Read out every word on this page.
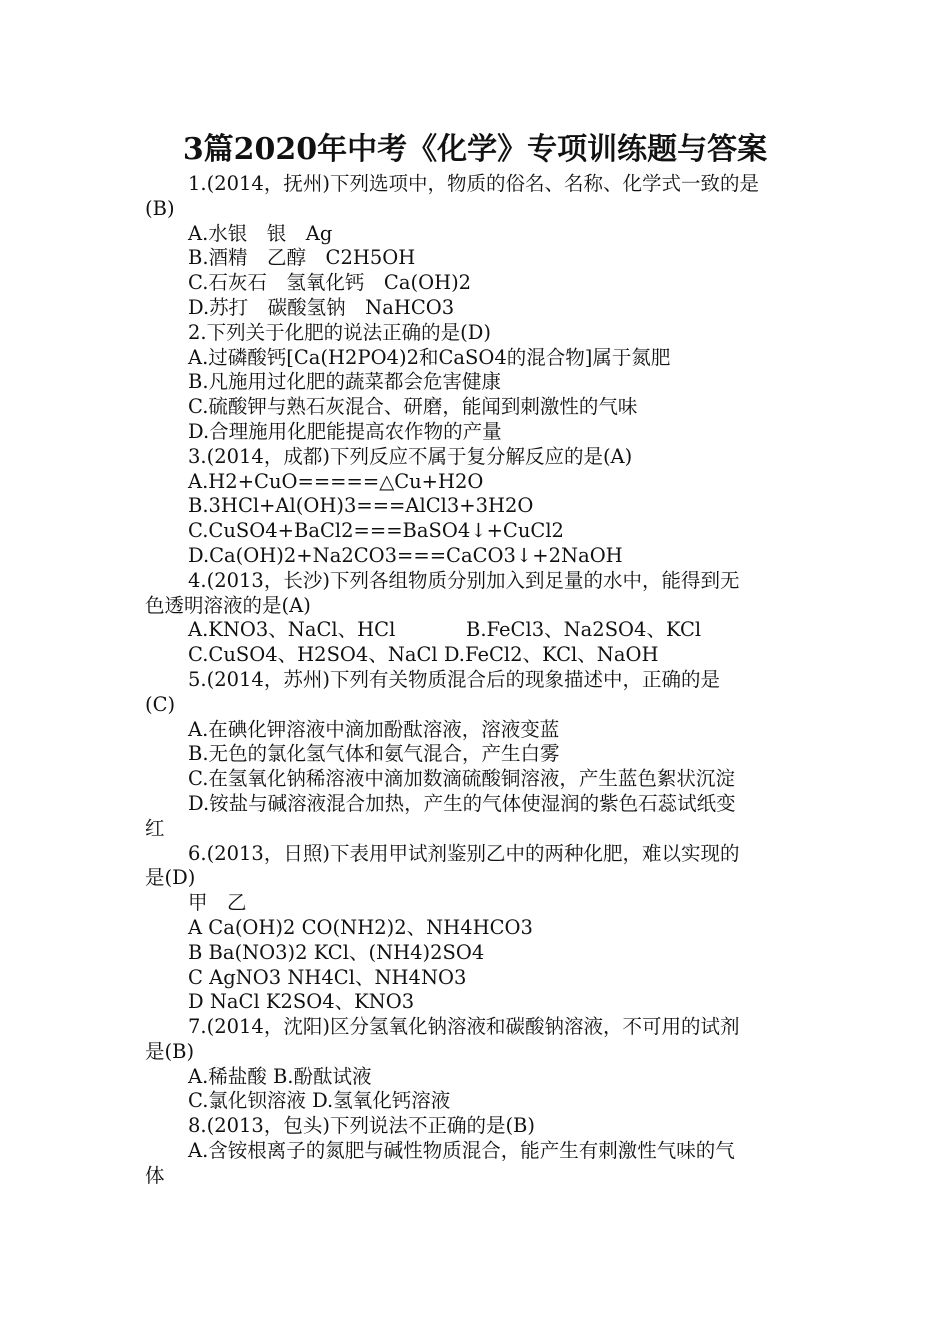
3篇2020年中考《化学》专项训练题与答案
1.(2014，抚州)下列选项中，物质的俗名、名称、化学式一致的是
(B)
A.水银　银　Ag
B.酒精　乙醇　C2H5OH
C.石灰石　氢氧化钙　Ca(OH)2
D.苏打　碳酸氢钠　NaHCO3
2.下列关于化肥的说法正确的是(D)
A.过磷酸钙[Ca(H2PO4)2和CaSO4的混合物]属于氮肥
B.凡施用过化肥的蔬菜都会危害健康
C.硫酸钾与熟石灰混合、研磨，能闻到刺激性的气味
D.合理施用化肥能提高农作物的产量
3.(2014，成都)下列反应不属于复分解反应的是(A)
A.H2+CuO=====△Cu+H2O
B.3HCl+Al(OH)3===AlCl3+3H2O
C.CuSO4+BaCl2===BaSO4↓+CuCl2
D.Ca(OH)2+Na2CO3===CaCO3↓+2NaOH
4.(2013，长沙)下列各组物质分别加入到足量的水中，能得到无
色透明溶液的是(A)
A.KNO3、NaCl、HCl	B.FeCl3、Na2SO4、KCl
C.CuSO4、H2SO4、NaCl D.FeCl2、KCl、NaOH
5.(2014，苏州)下列有关物质混合后的现象描述中，正确的是
(C)
A.在碘化钾溶液中滴加酚酞溶液，溶液变蓝
B.无色的氯化氢气体和氨气混合，产生白雾
C.在氢氧化钠稀溶液中滴加数滴硫酸铜溶液，产生蓝色絮状沉淀
D.铵盐与碱溶液混合加热，产生的气体使湿润的紫色石蕊试纸变
红
6.(2013，日照)下表用甲试剂鉴别乙中的两种化肥，难以实现的
是(D)
甲　乙
A Ca(OH)2 CO(NH2)2、NH4HCO3
B Ba(NO3)2 KCl、(NH4)2SO4
C AgNO3 NH4Cl、NH4NO3
D NaCl K2SO4、KNO3
7.(2014，沈阳)区分氢氧化钠溶液和碳酸钠溶液，不可用的试剂
是(B)
A.稀盐酸 B.酚酞试液
C.氯化钡溶液 D.氢氧化钙溶液
8.(2013，包头)下列说法不正确的是(B)
A.含铵根离子的氮肥与碱性物质混合，能产生有刺激性气味的气
体
